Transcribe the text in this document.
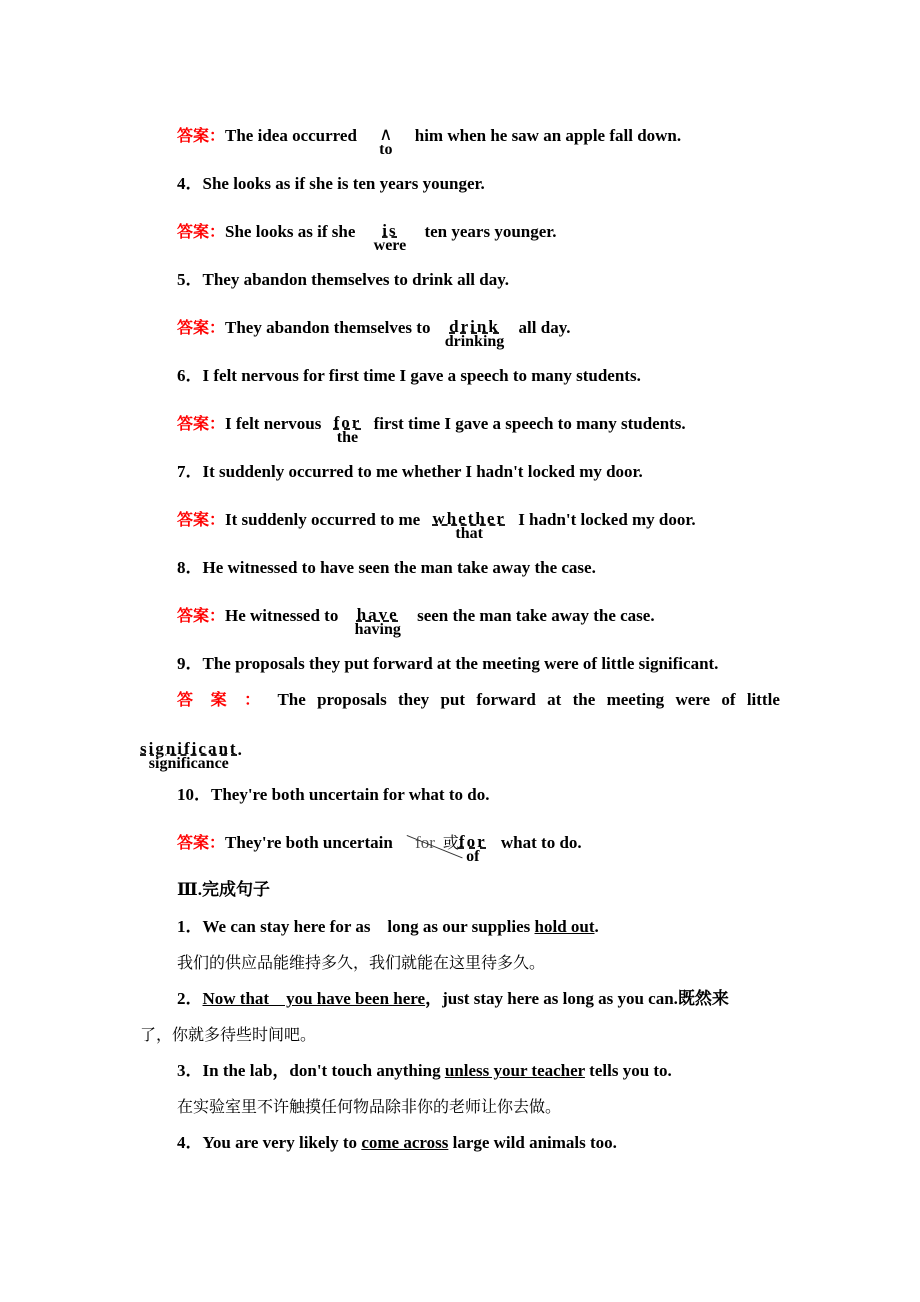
答案：The idea occurred ∧
to
him when he saw an apple fall down.
4．She looks as if she is ten years younger.
答案：She looks as if she	is
were
ten years younger.
5．They abandon themselves to drink all day.
答案：They abandon themselves to drink
drinking
all day.
6．I felt nervous for first time I gave a speech to many students.
答案：I felt nervous for
the
first time I gave a speech to many students.
7．It suddenly occurred to me whether I hadn't locked my door.
答案：It suddenly occurred to me whether
that
I hadn't locked my door.
8．He witnessed to have seen the man take away the case.
答案：He witnessed to have
having
seen the man take away the case.
9．The proposals they put forward at the meeting were of little significant.
答 案 ： The proposals they put forward at the meeting were of little
significant
significance
.
10．They're both uncertain for what to do.
答案：They're both uncertain for 或 for
of
what to do.
Ⅲ.完成句子
1．We can stay here for as    long as our supplies hold out.
我们的供应品能维持多久，我们就能在这里待多久。
2．Now that    you have been here，just stay here as long as you can.既然来
了，你就多待些时间吧。
3．In the lab，don't touch anything unless your teacher tells you to.
在实验室里不许触摸任何物品除非你的老师让你去做。
4．You are very likely to come across large wild animals too.
